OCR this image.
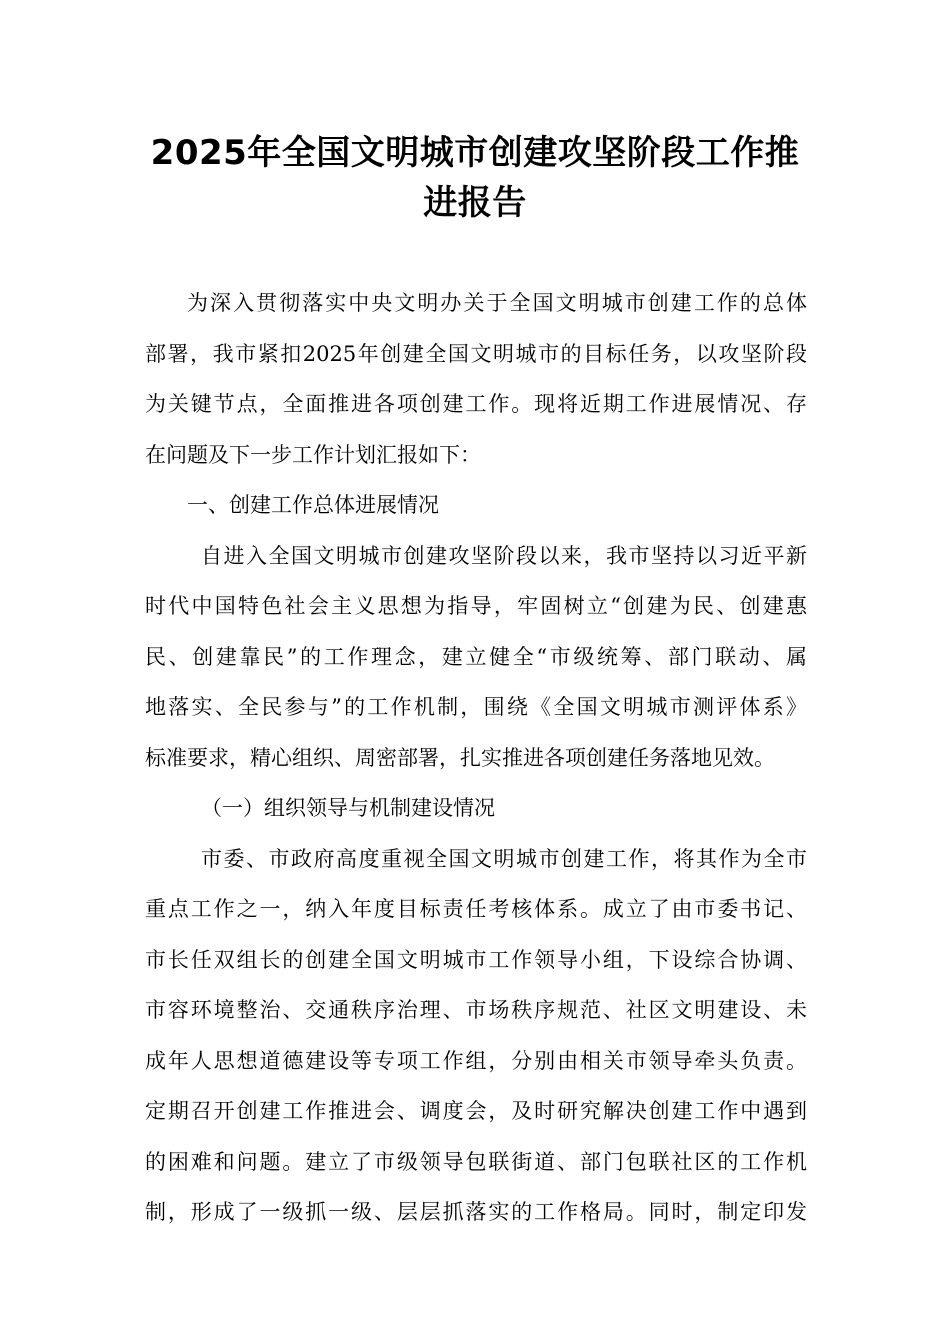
2025年全国文明城市创建攻坚阶段工作推
进报告
为深入贯彻落实中央文明办关于全国文明城市创建工作的总体
部署，我市紧扣2025年创建全国文明城市的目标任务，以攻坚阶段
为关键节点，全面推进各项创建工作。现将近期工作进展情况、存
在问题及下一步工作计划汇报如下：
一、创建工作总体进展情况
自进入全国文明城市创建攻坚阶段以来，我市坚持以习近平新
时代中国特色社会主义思想为指导，牢固树立“创建为民、创建惠
民、创建靠民”的工作理念，建立健全“市级统筹、部门联动、属
地落实、全民参与”的工作机制，围绕《全国文明城市测评体系》
标准要求，精心组织、周密部署，扎实推进各项创建任务落地见效。
（一）组织领导与机制建设情况
市委、市政府高度重视全国文明城市创建工作，将其作为全市
重点工作之一，纳入年度目标责任考核体系。成立了由市委书记、
市长任双组长的创建全国文明城市工作领导小组，下设综合协调、
市容环境整治、交通秩序治理、市场秩序规范、社区文明建设、未
成年人思想道德建设等专项工作组，分别由相关市领导牵头负责。
定期召开创建工作推进会、调度会，及时研究解决创建工作中遇到
的困难和问题。建立了市级领导包联街道、部门包联社区的工作机
制，形成了一级抓一级、层层抓落实的工作格局。同时，制定印发
